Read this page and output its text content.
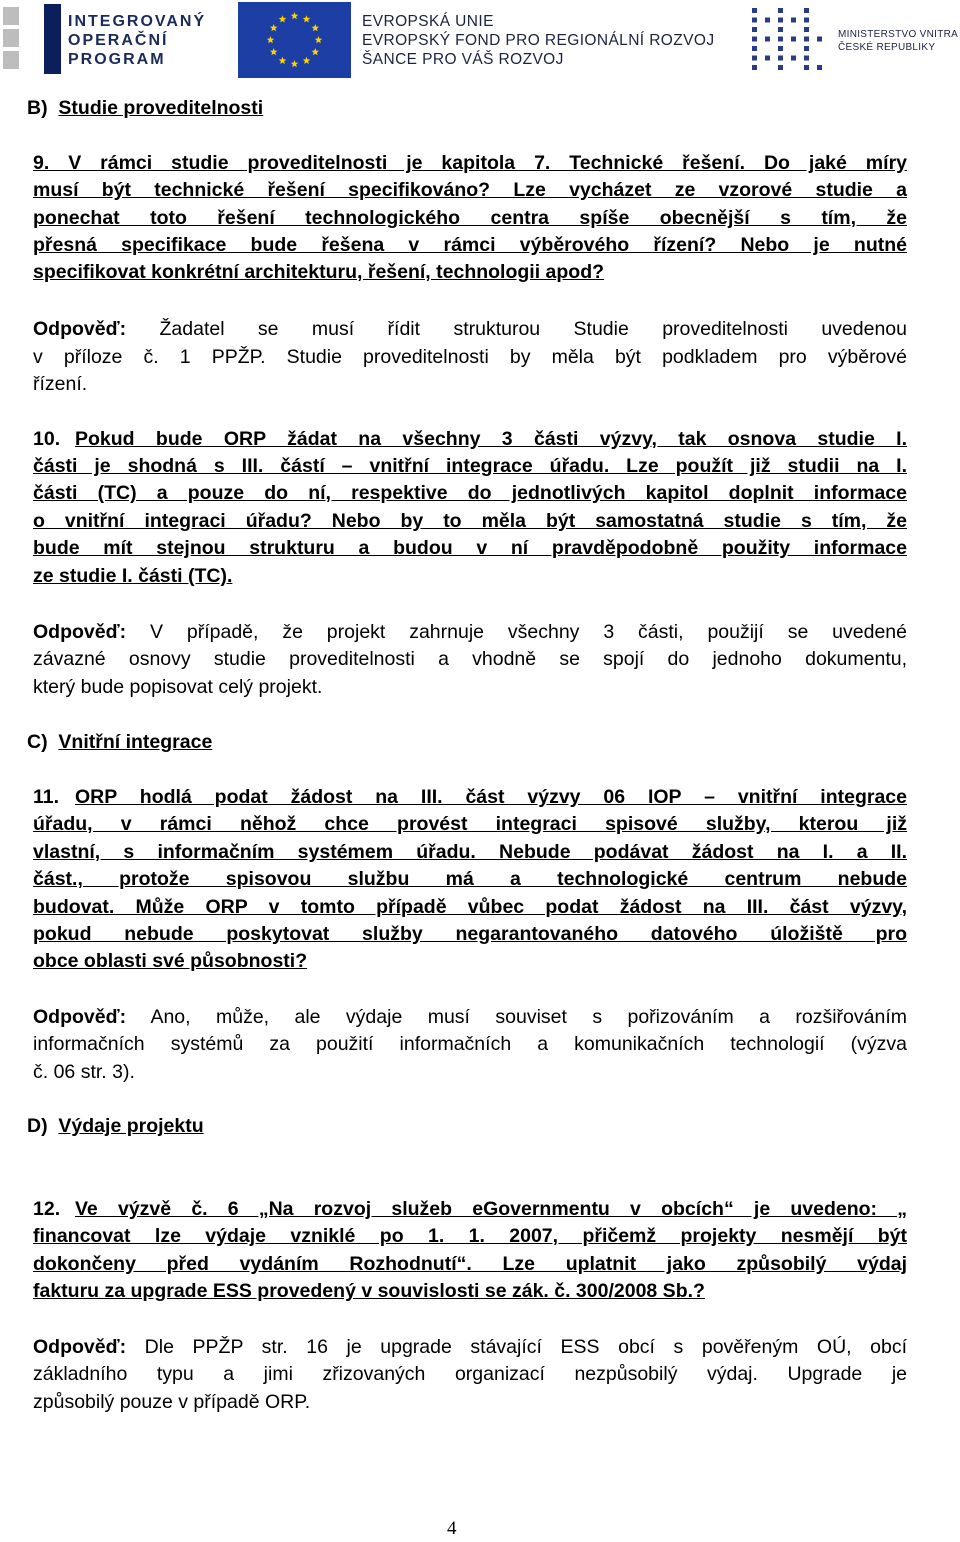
INTEGROVANÝ
OPERAČNÍ
PROGRAM
EVROPSKÁ UNIE
EVROPSKÝ FOND PRO REGIONÁLNÍ ROZVOJ
ŠANCE PRO VÁŠ ROZVOJ
MINISTERSTVO VNITRA
ČESKÉ REPUBLIKY
B) Studie proveditelnosti
9. V rámci studie proveditelnosti je kapitola 7. Technické řešení. Do jaké míry
musí být technické řešení specifikováno? Lze vycházet ze vzorové studie a
ponechat toto řešení technologického centra spíše obecnější s tím, že
přesná specifikace bude řešena v rámci výběrového řízení? Nebo je nutné
specifikovat konkrétní architekturu, řešení, technologii apod?
Odpověď: Žadatel se musí řídit strukturou Studie proveditelnosti uvedenou
v příloze č. 1 PPŽP. Studie proveditelnosti by měla být podkladem pro výběrové
řízení.
10. Pokud bude ORP žádat na všechny 3 části výzvy, tak osnova studie I.
části je shodná s III. částí – vnitřní integrace úřadu. Lze použít již studii na I.
části (TC) a pouze do ní, respektive do jednotlivých kapitol doplnit informace
o vnitřní integraci úřadu? Nebo by to měla být samostatná studie s tím, že
bude mít stejnou strukturu a budou v ní pravděpodobně použity informace
ze studie I. části (TC).
Odpověď: V případě, že projekt zahrnuje všechny 3 části, použijí se uvedené
závazné osnovy studie proveditelnosti a vhodně se spojí do jednoho dokumentu,
který bude popisovat celý projekt.
C) Vnitřní integrace
11. ORP hodlá podat žádost na III. část výzvy 06 IOP – vnitřní integrace
úřadu, v rámci něhož chce provést integraci spisové služby, kterou již
vlastní, s informačním systémem úřadu. Nebude podávat žádost na I. a II.
část., protože spisovou službu má a technologické centrum nebude
budovat. Může ORP v tomto případě vůbec podat žádost na III. část výzvy,
pokud nebude poskytovat služby negarantovaného datového úložiště pro
obce oblasti své působnosti?
Odpověď: Ano, může, ale výdaje musí souviset s pořizováním a rozšiřováním
informačních systémů za použití informačních a komunikačních technologií (výzva
č. 06 str. 3).
D) Výdaje projektu
12. Ve výzvě č. 6 „Na rozvoj služeb eGovernmentu v obcích“ je uvedeno: „
financovat lze výdaje vzniklé po 1. 1. 2007, přičemž projekty nesmějí být
dokončeny před vydáním Rozhodnutí“. Lze uplatnit jako způsobilý výdaj
fakturu za upgrade ESS provedený v souvislosti se zák. č. 300/2008 Sb.?
Odpověď: Dle PPŽP str. 16 je upgrade stávající ESS obcí s pověřeným OÚ, obcí
základního typu a jimi zřizovaných organizací nezpůsobilý výdaj. Upgrade je
způsobilý pouze v případě ORP.
4
